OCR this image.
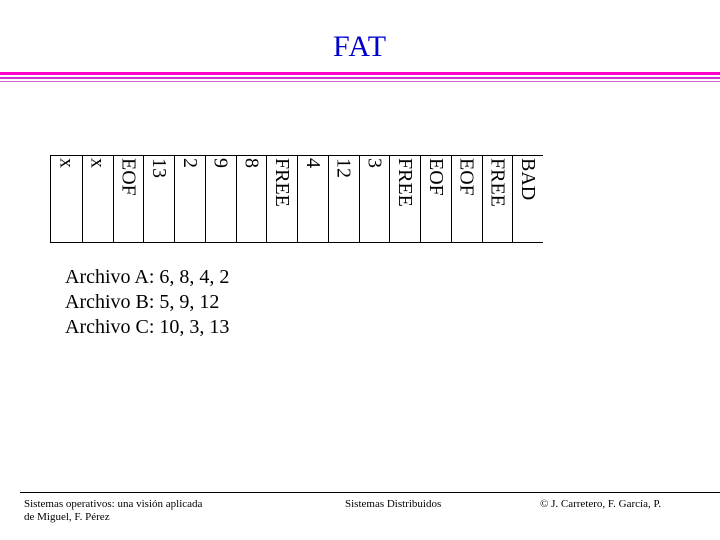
FAT
BAD
FREE
EOF
EOF
FREE
3
12
4
FREE
8
9
2
13
EOF
x
x
Archivo A: 6, 8, 4, 2
Archivo B: 5, 9, 12
Archivo C: 10, 3, 13
Sistemas operativos: una visión aplicada
de Miguel, F. Pérez
Sistemas Distribuidos	© J. Carretero, F. García, P.
